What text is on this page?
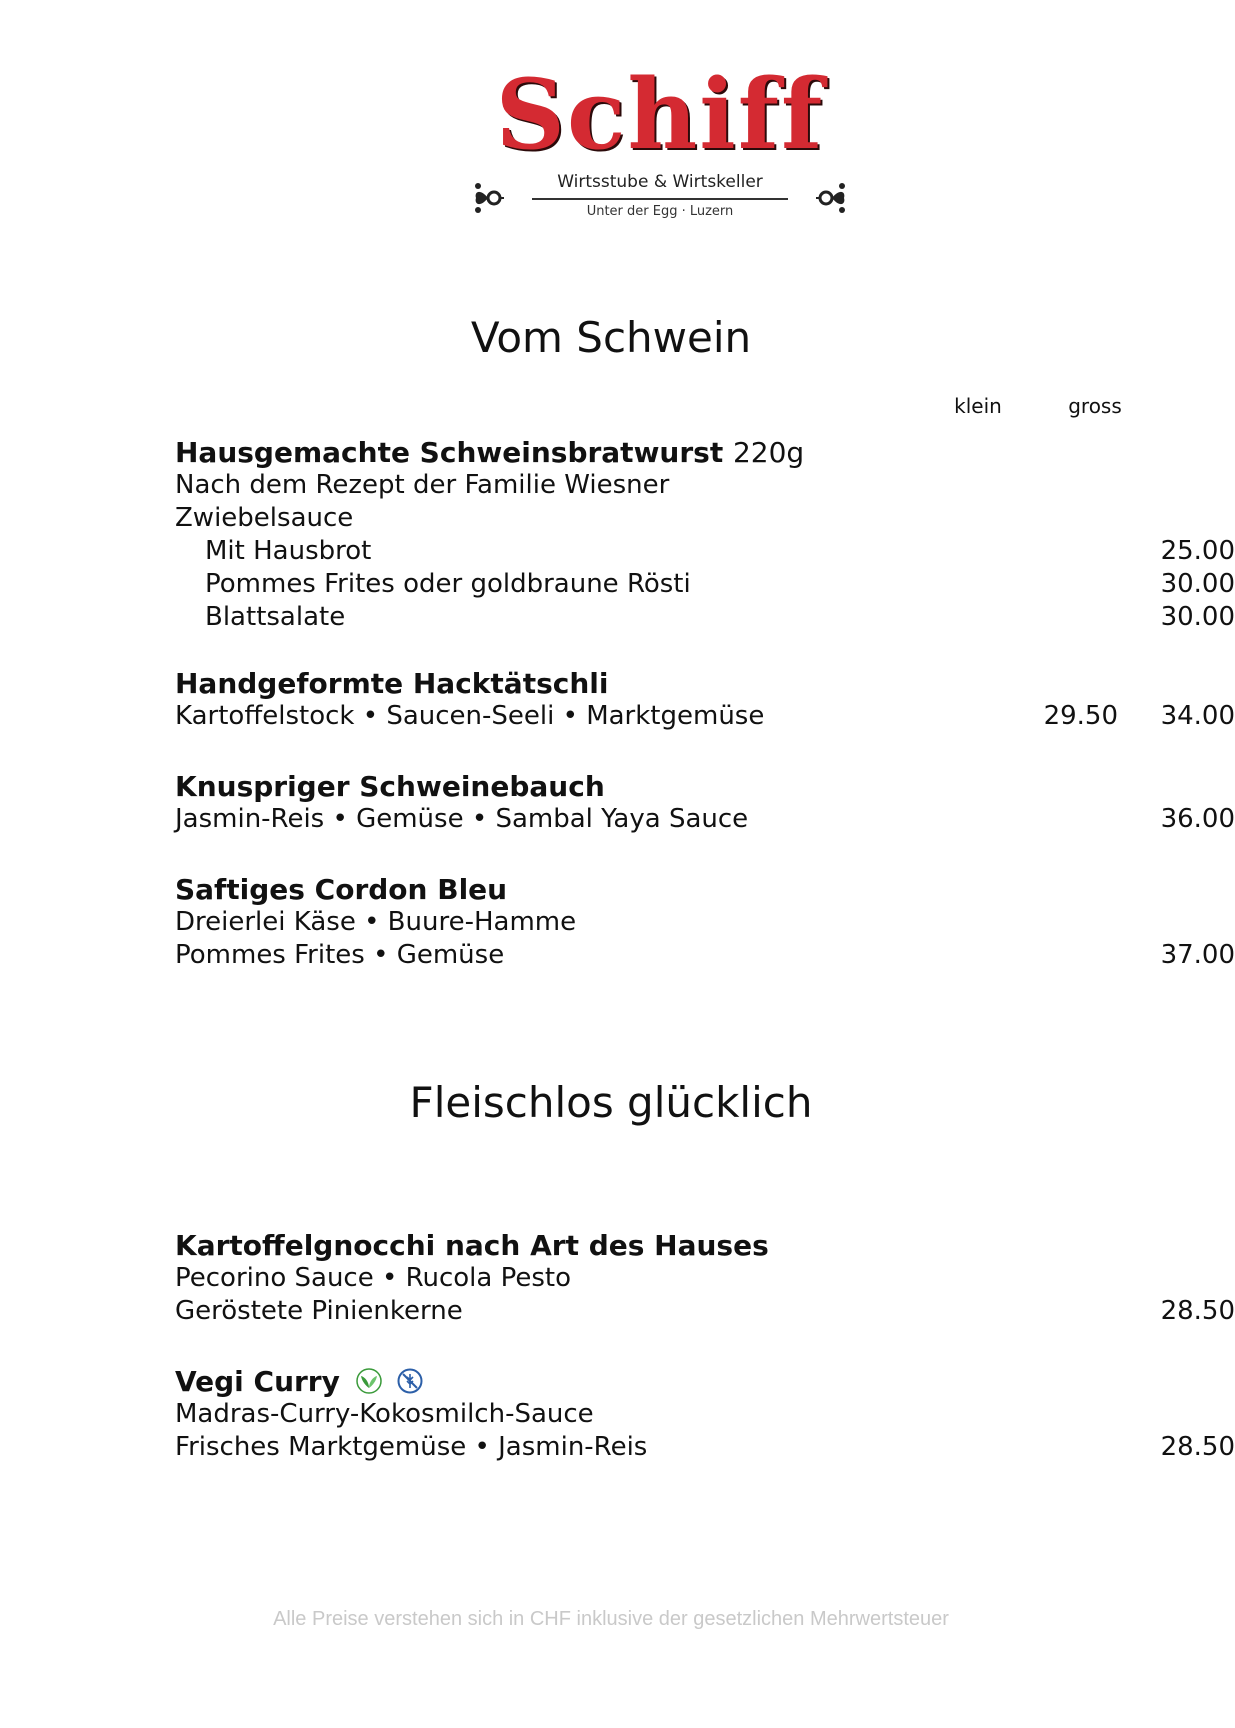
Schiff
Wirtsstube & Wirtskeller
Unter der Egg · Luzern
Vom Schwein
klein	gross
Hausgemachte Schweinsbratwurst 220g
Nach dem Rezept der Familie Wiesner
Zwiebelsauce
Mit Hausbrot	25.00
Pommes Frites oder goldbraune Rösti	30.00
Blattsalate	30.00
Handgeformte Hacktätschli
Kartoffelstock • Saucen-Seeli • Marktgemüse	29.50	34.00
Knuspriger Schweinebauch
Jasmin-Reis • Gemüse • Sambal Yaya Sauce	36.00
Saftiges Cordon Bleu
Dreierlei Käse • Buure-Hamme
Pommes Frites • Gemüse	37.00
Fleischlos glücklich
Kartoffelgnocchi nach Art des Hauses
Pecorino Sauce • Rucola Pesto
Geröstete Pinienkerne	28.50
Vegi Curry
Madras-Curry-Kokosmilch-Sauce
Frisches Marktgemüse • Jasmin-Reis	28.50
Alle Preise verstehen sich in CHF inklusive der gesetzlichen Mehrwertsteuer
